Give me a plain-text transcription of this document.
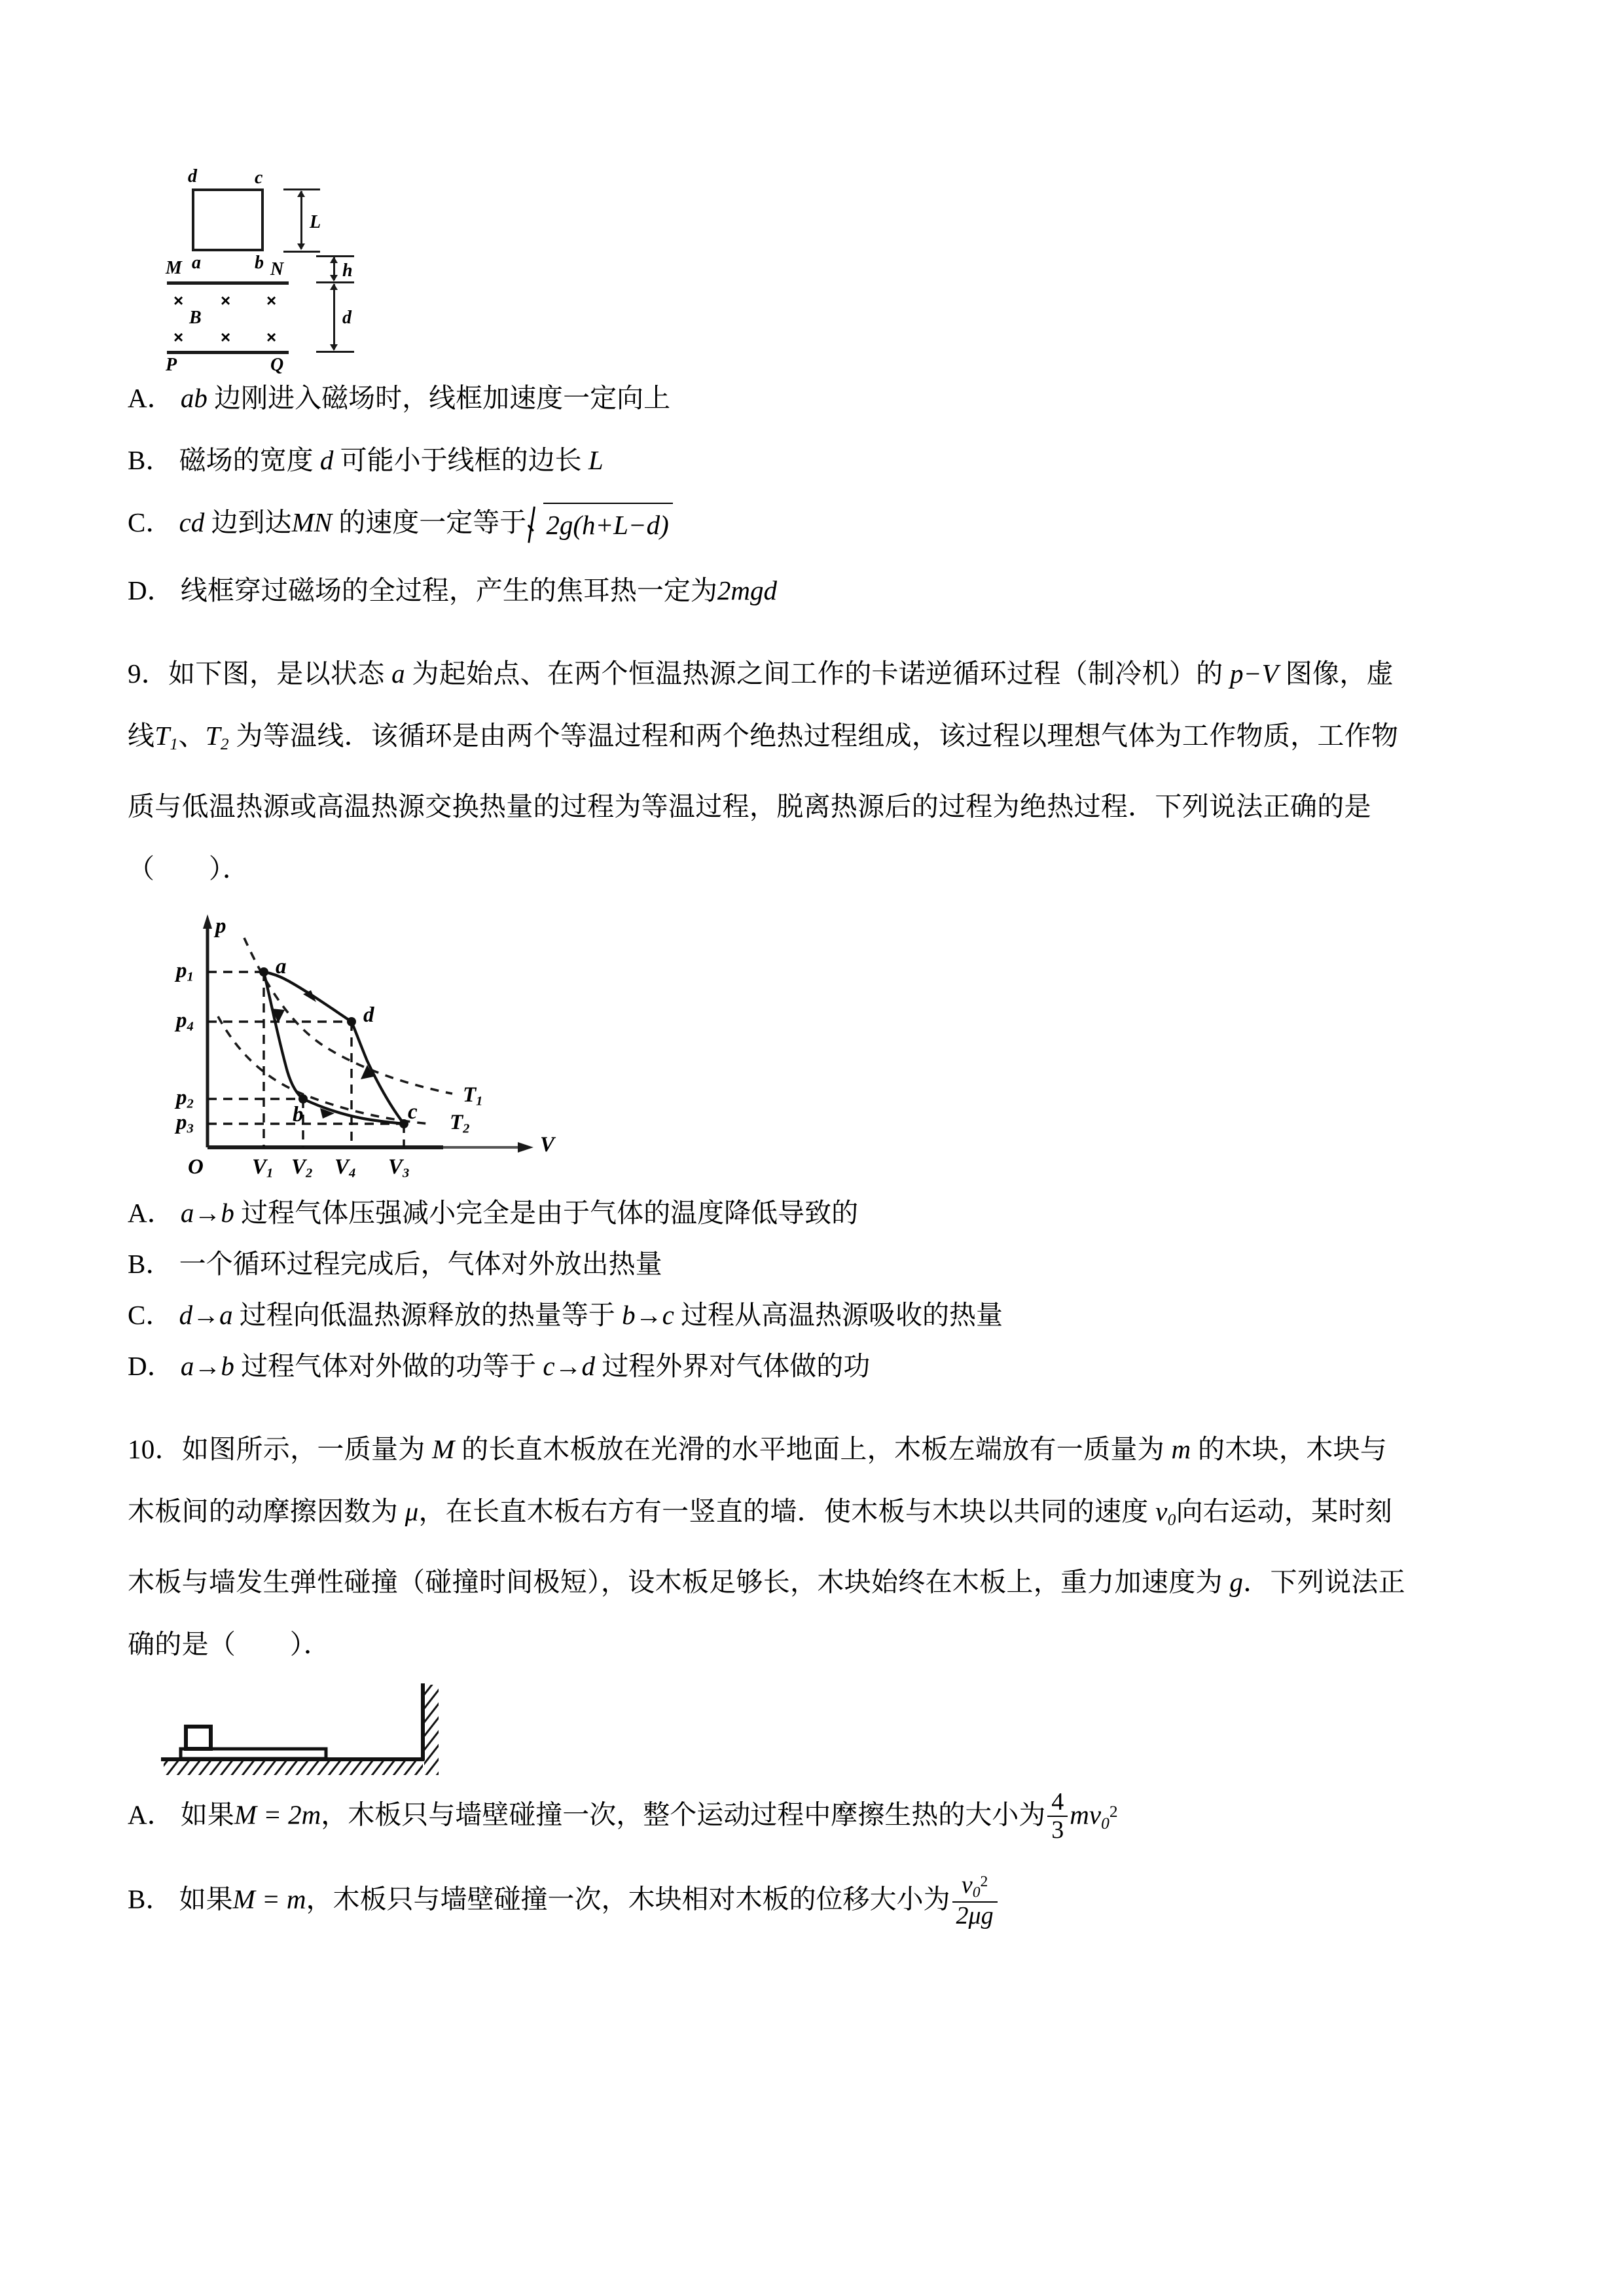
d	c
a	b
L
M	N
× × ×
B
× × ×
P	Q
h
d

A． ab 边刚进入磁场时，线框加速度一定向上

B． 磁场的宽度 d 可能小于线框的边长 L

C． cd 边到达MN 的速度一定等于 2g(h+L−d)

D． 线框穿过磁场的全过程，产生的焦耳热一定为2mgd

9．如下图，是以状态 a 为起始点、在两个恒温热源之间工作的卡诺逆循环过程（制冷机）的 p−V 图像，虚

线$T_1$、$T_2$ 为等温线．该循环是由两个等温过程和两个绝热过程组成，该过程以理想气体为工作物质，工作物

质与低温热源或高温热源交换热量的过程为等温过程，脱离热源后的过程为绝热过程．下列说法正确的是

（　　）．

p
V
O
$p_1$
$p_4$
$p_2$
$p_3$
$V_1$ $V_2$ $V_4$ $V_3$
a
b	c
d
$T_1$
$T_2$

A． a→b 过程气体压强减小完全是由于气体的温度降低导致的

B． 一个循环过程完成后，气体对外放出热量

C． d→a 过程向低温热源释放的热量等于 b→c 过程从高温热源吸收的热量

D． a→b 过程气体对外做的功等于 c→d 过程外界对气体做的功

10．如图所示，一质量为 M 的长直木板放在光滑的水平地面上，木板左端放有一质量为 m 的木块，木块与

木板间的动摩擦因数为 μ，在长直木板右方有一竖直的墙．使木板与木块以共同的速度 $v_0$向右运动，某时刻

木板与墙发生弹性碰撞（碰撞时间极短），设木板足够长，木块始终在木板上，重力加速度为 g．下列说法正

确的是（　　）．

A． 如果M = 2m，木板只与墙壁碰撞一次，整个运动过程中摩擦生热的大小为 $\frac{4}{3} mv_0^2$

B． 如果M = m，木板只与墙壁碰撞一次，木块相对木板的位移大小为 $\frac{v_0^2}{2\mu g}$
